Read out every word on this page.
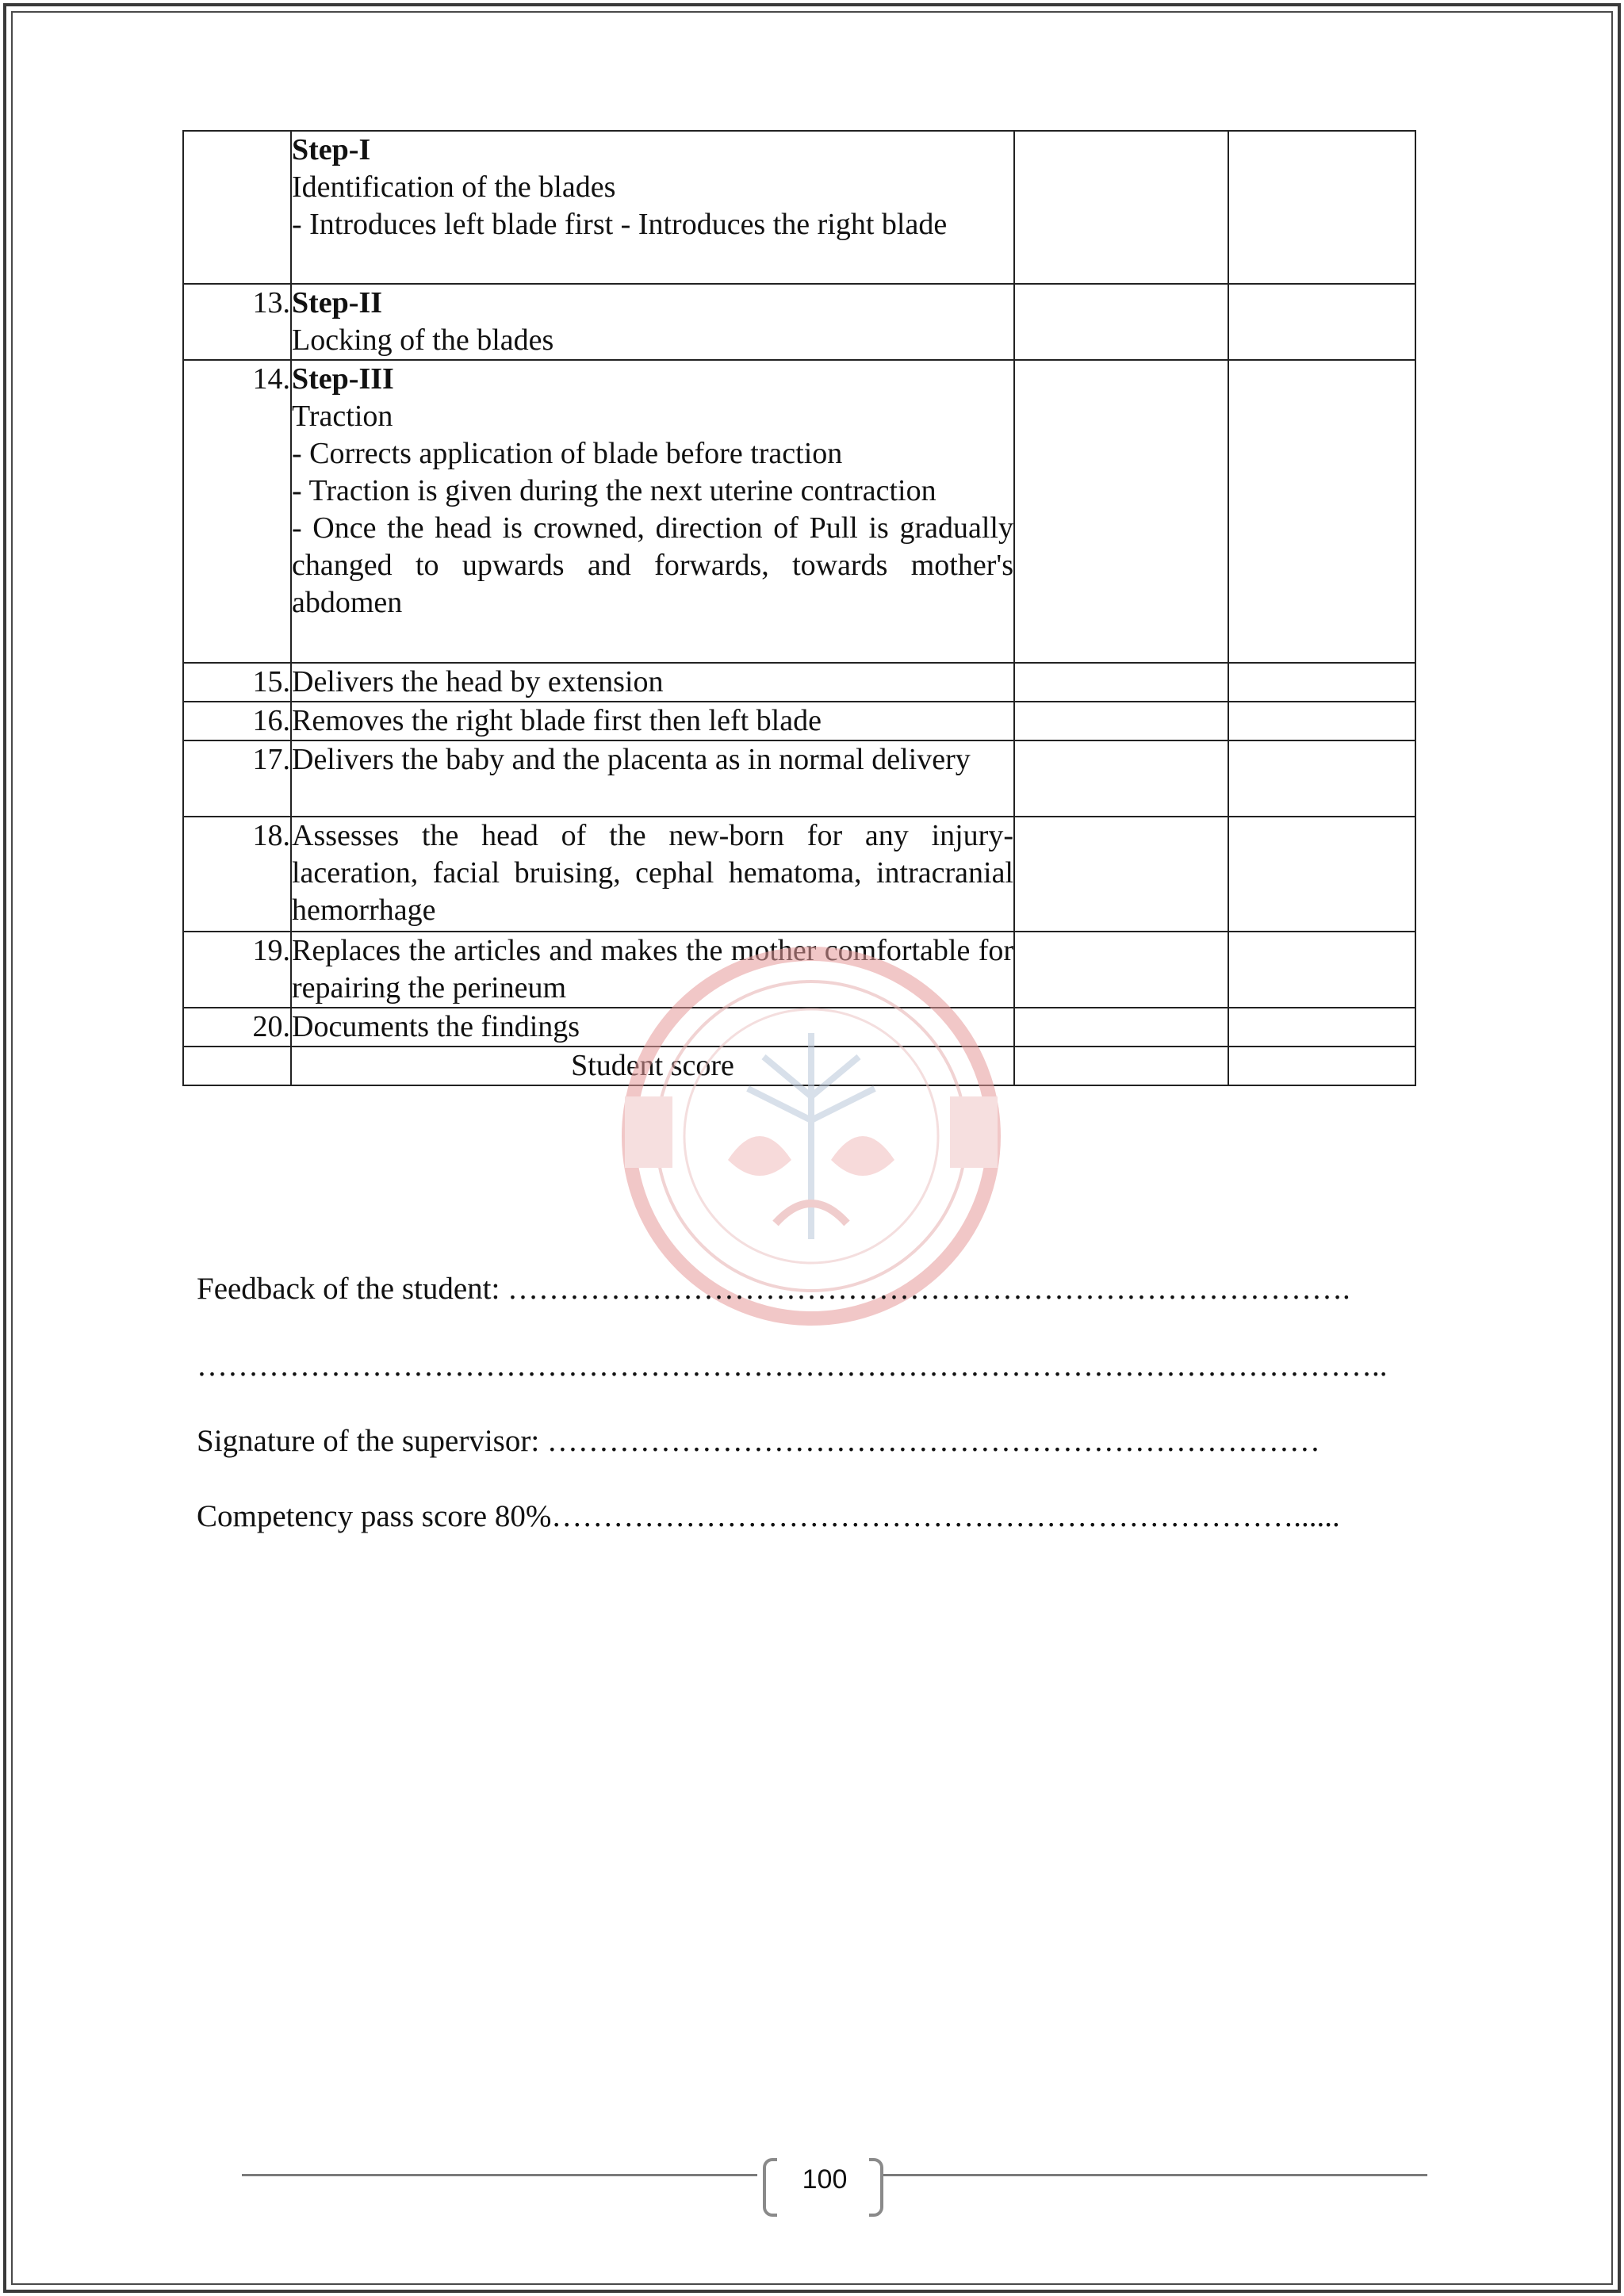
	Step-I
Identification of the blades
- Introduces left blade first - Introduces the right blade		

13.	Step-II
Locking of the blades		

14.	Step-III
Traction
- Corrects application of blade before traction
- Traction is given during the next uterine contraction
- Once the head is crowned, direction of Pull is gradually changed to upwards and forwards, towards mother's abdomen		

15.	Delivers the head by extension		

16.	Removes the right blade first then left blade		

17.	Delivers the baby and the placenta as in normal delivery		

18.	Assesses the head of the new-born for any injury- laceration, facial bruising, cephal hematoma, intracranial hemorrhage		

19.	Replaces the articles and makes the mother comfortable for repairing the perineum		

20.	Documents the findings		

	Student score		
Feedback of the student: ……………………………………………………………………….
……………………………………………………………………………………………………..
Signature of the supervisor: …………………………………………………………………
Competency pass score 80%………………………………………………………………......
100
